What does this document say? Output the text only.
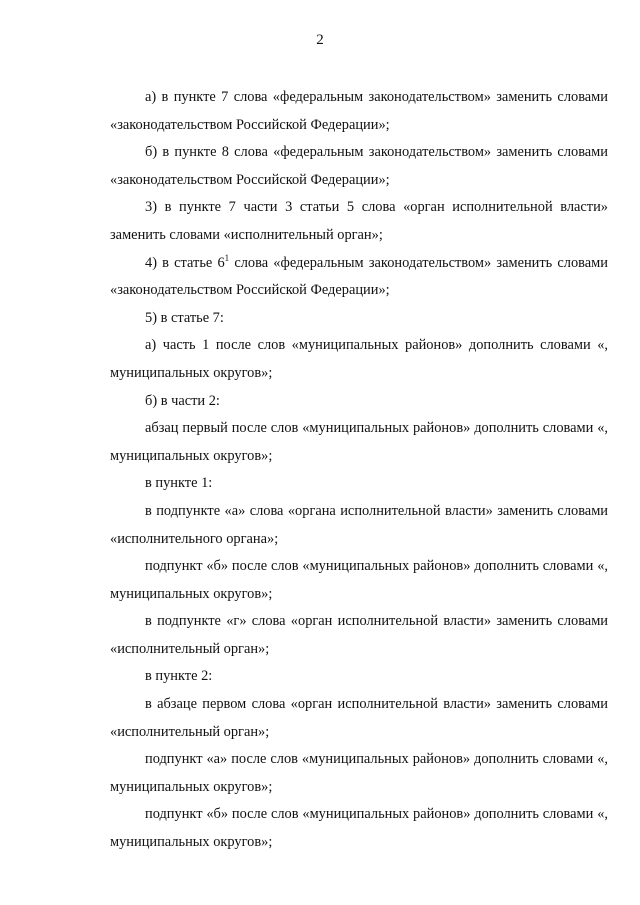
2

а) в пункте 7 слова «федеральным законодательством» заменить словами «законодательством Российской Федерации»;

б) в пункте 8 слова «федеральным законодательством» заменить словами «законодательством Российской Федерации»;

3) в пункте 7 части 3 статьи 5 слова «орган исполнительной власти» заменить словами «исполнительный орган»;

4) в статье $6^1$ слова «федеральным законодательством» заменить словами «законодательством Российской Федерации»;

5) в статье 7:

а) часть 1 после слов «муниципальных районов» дополнить словами «, муниципальных округов»;

б) в части 2:

абзац первый после слов «муниципальных районов» дополнить словами «, муниципальных округов»;

в пункте 1:

в подпункте «а» слова «органа исполнительной власти» заменить словами «исполнительного органа»;

подпункт «б» после слов «муниципальных районов» дополнить словами «, муниципальных округов»;

в подпункте «г» слова «орган исполнительной власти» заменить словами «исполнительный орган»;

в пункте 2:

в абзаце первом слова «орган исполнительной власти» заменить словами «исполнительный орган»;

подпункт «а» после слов «муниципальных районов» дополнить словами «, муниципальных округов»;

подпункт «б» после слов «муниципальных районов» дополнить словами «, муниципальных округов»;
